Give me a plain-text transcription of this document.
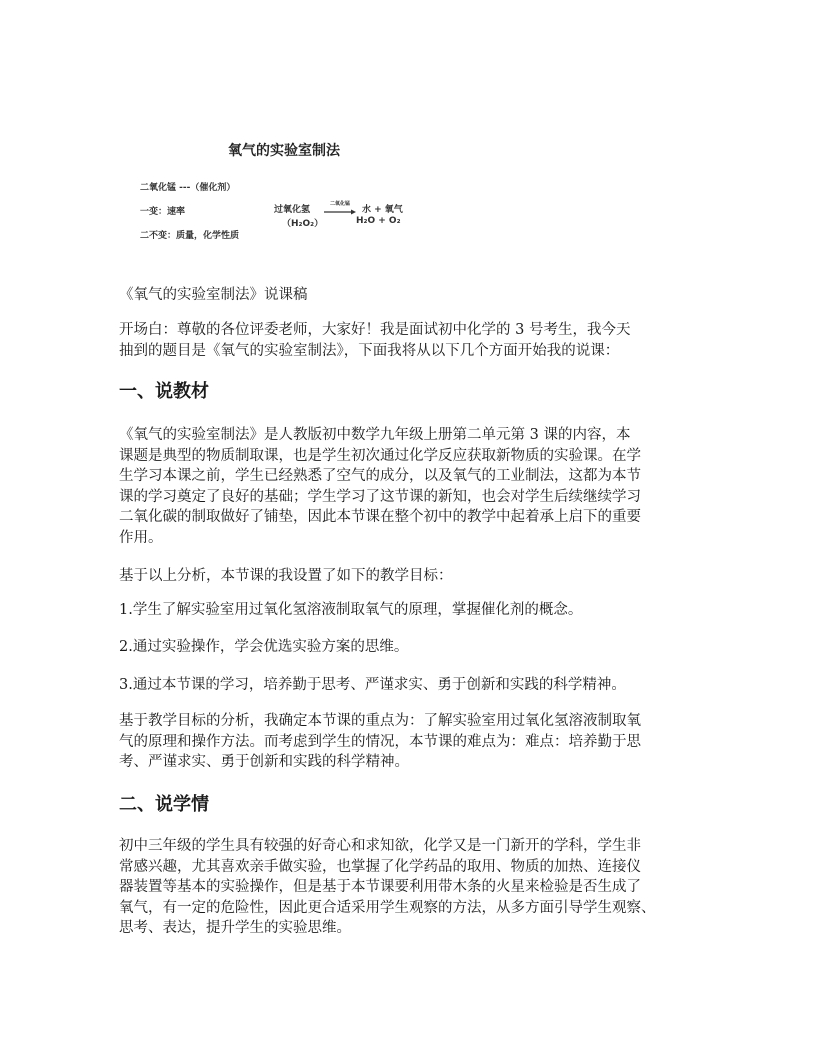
氧气的实验室制法
二氧化锰 ---（催化剂）
一变：速率
二不变：质量，化学性质
过氧化氢
（H₂O₂）
二氧化锰
→ 水 + 氧气
H₂O + O₂
《氧气的实验室制法》说课稿
开场白：尊敬的各位评委老师，大家好！我是面试初中化学的 3 号考生，我今天
抽到的题目是《氧气的实验室制法》，下面我将从以下几个方面开始我的说课：
一、说教材
《氧气的实验室制法》是人教版初中数学九年级上册第二单元第 3 课的内容，本
课题是典型的物质制取课，也是学生初次通过化学反应获取新物质的实验课。在学
生学习本课之前，学生已经熟悉了空气的成分，以及氧气的工业制法，这都为本节
课的学习奠定了良好的基础；学生学习了这节课的新知，也会对学生后续继续学习
二氧化碳的制取做好了铺垫，因此本节课在整个初中的教学中起着承上启下的重要
作用。
基于以上分析，本节课的我设置了如下的教学目标：
1.学生了解实验室用过氧化氢溶液制取氧气的原理，掌握催化剂的概念。
2.通过实验操作，学会优选实验方案的思维。
3.通过本节课的学习，培养勤于思考、严谨求实、勇于创新和实践的科学精神。
基于教学目标的分析，我确定本节课的重点为：了解实验室用过氧化氢溶液制取氧
气的原理和操作方法。而考虑到学生的情况，本节课的难点为：难点：培养勤于思
考、严谨求实、勇于创新和实践的科学精神。
二、说学情
初中三年级的学生具有较强的好奇心和求知欲，化学又是一门新开的学科，学生非
常感兴趣，尤其喜欢亲手做实验，也掌握了化学药品的取用、物质的加热、连接仪
器装置等基本的实验操作，但是基于本节课要利用带木条的火星来检验是否生成了
氧气，有一定的危险性，因此更合适采用学生观察的方法，从多方面引导学生观察、
思考、表达，提升学生的实验思维。
